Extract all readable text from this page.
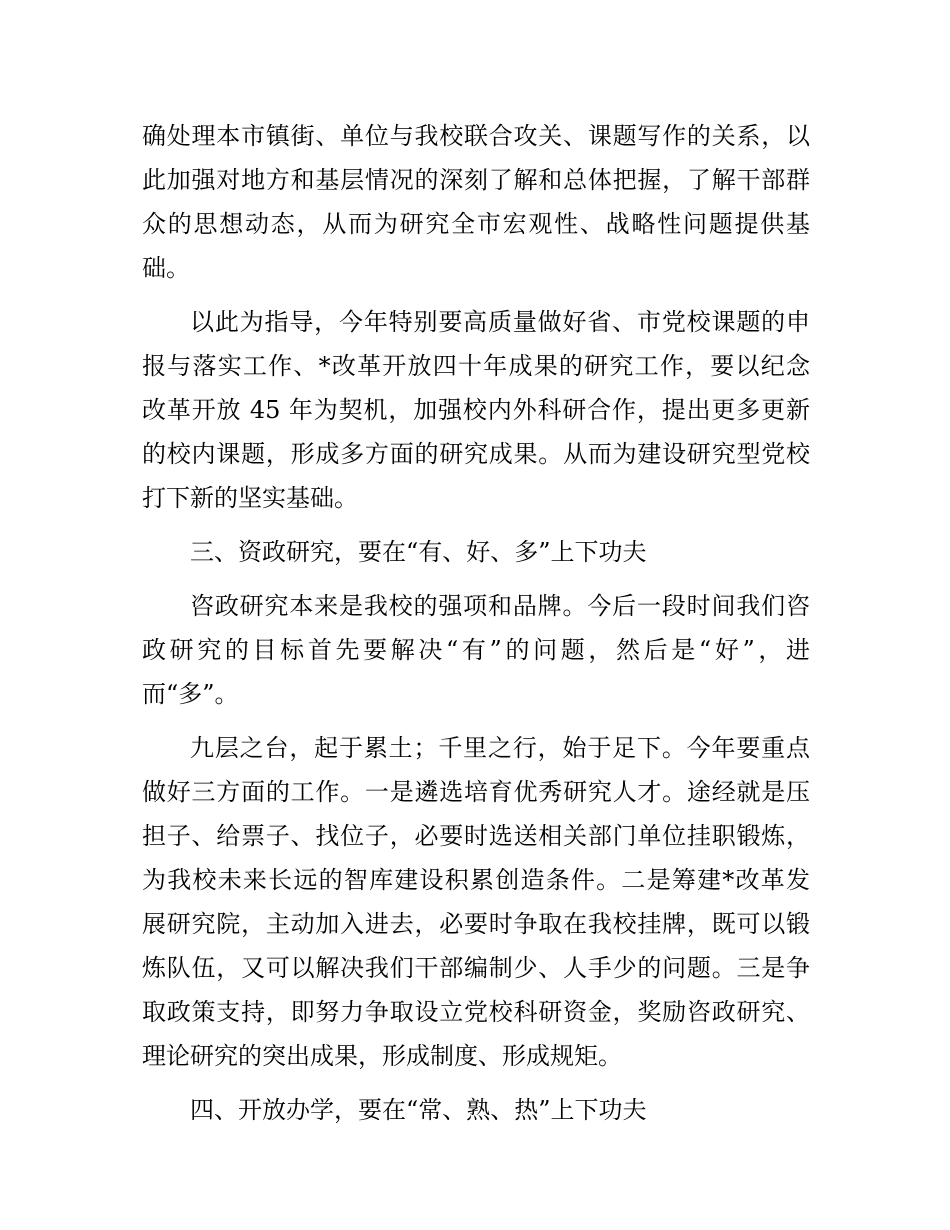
确处理本市镇街、单位与我校联合攻关、课题写作的关系，以
此加强对地方和基层情况的深刻了解和总体把握，了解干部群
众的思想动态，从而为研究全市宏观性、战略性问题提供基
础。
以此为指导，今年特别要高质量做好省、市党校课题的申
报与落实工作、*改革开放四十年成果的研究工作，要以纪念
改革开放 45 年为契机，加强校内外科研合作，提出更多更新
的校内课题，形成多方面的研究成果。从而为建设研究型党校
打下新的坚实基础。
三、资政研究，要在“有、好、多”上下功夫
咨政研究本来是我校的强项和品牌。今后一段时间我们咨
政研究的目标首先要解决“有”的问题，然后是“好”，进
而“多”。
九层之台，起于累土；千里之行，始于足下。今年要重点
做好三方面的工作。一是遴选培育优秀研究人才。途经就是压
担子、给票子、找位子，必要时选送相关部门单位挂职锻炼，
为我校未来长远的智库建设积累创造条件。二是筹建*改革发
展研究院，主动加入进去，必要时争取在我校挂牌，既可以锻
炼队伍，又可以解决我们干部编制少、人手少的问题。三是争
取政策支持，即努力争取设立党校科研资金，奖励咨政研究、
理论研究的突出成果，形成制度、形成规矩。
四、开放办学，要在“常、熟、热”上下功夫
